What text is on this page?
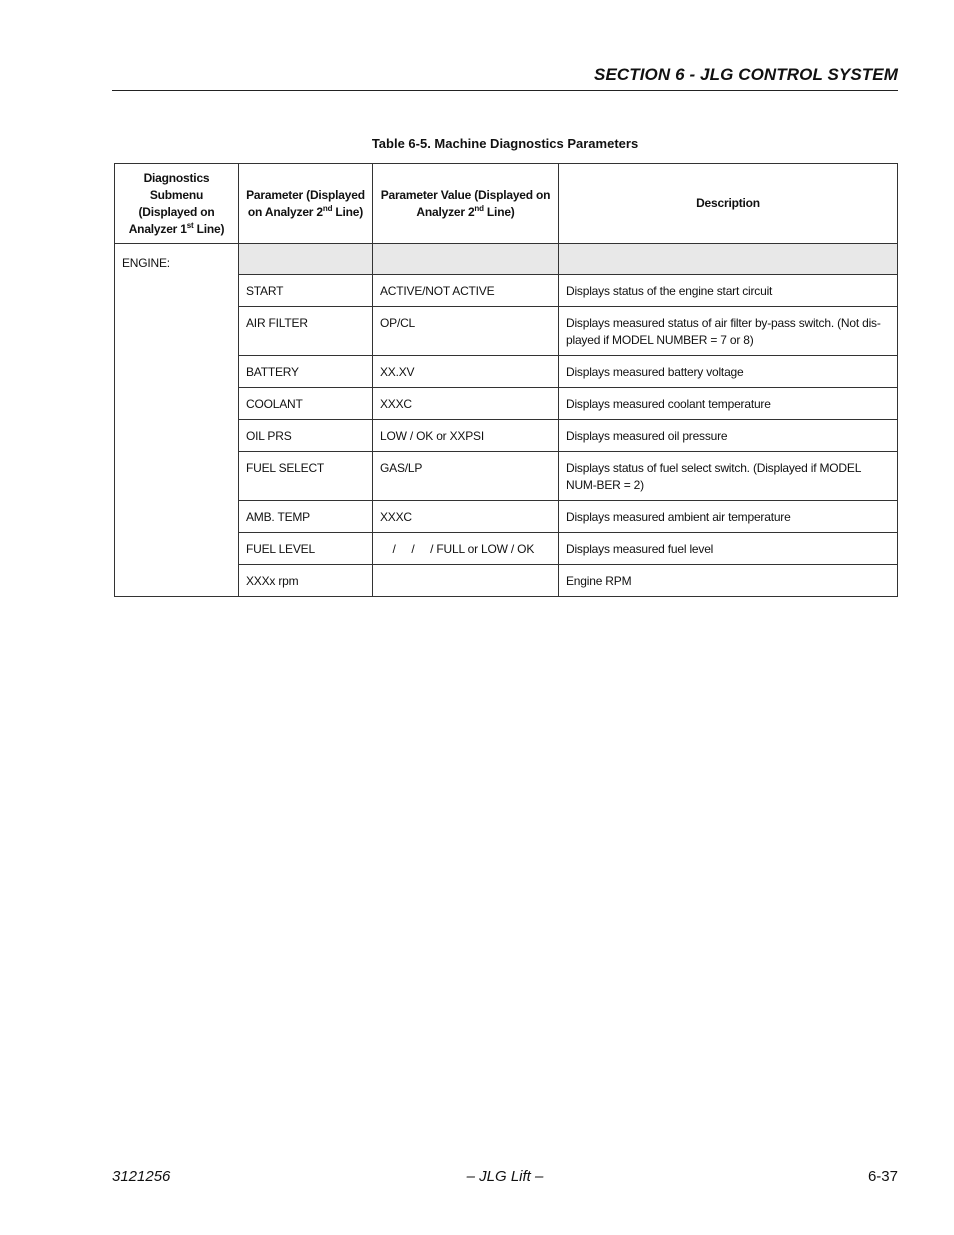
SECTION 6 - JLG CONTROL SYSTEM
Table 6-5. Machine Diagnostics Parameters
Diagnostics Submenu (Displayed on Analyzer 1st Line)	Parameter (Displayed on Analyzer 2nd Line)	Parameter Value (Displayed on Analyzer 2nd Line)	Description
ENGINE:			
	START	ACTIVE/NOT ACTIVE	Displays status of the engine start circuit
	AIR FILTER	OP/CL	Displays measured status of air filter by-pass switch. (Not dis-played if MODEL NUMBER = 7 or 8)
	BATTERY	XX.XV	Displays measured battery voltage
	COOLANT	XXXC	Displays measured coolant temperature
	OIL PRS	LOW / OK or XXPSI	Displays measured oil pressure
	FUEL SELECT	GAS/LP	Displays status of fuel select switch. (Displayed if MODEL NUM-BER = 2)
	AMB. TEMP	XXXC	Displays measured ambient air temperature
	FUEL LEVEL	/     /     / FULL or LOW / OK	Displays measured fuel level
	XXXx rpm		Engine RPM
3121256	– JLG Lift –	6-37
